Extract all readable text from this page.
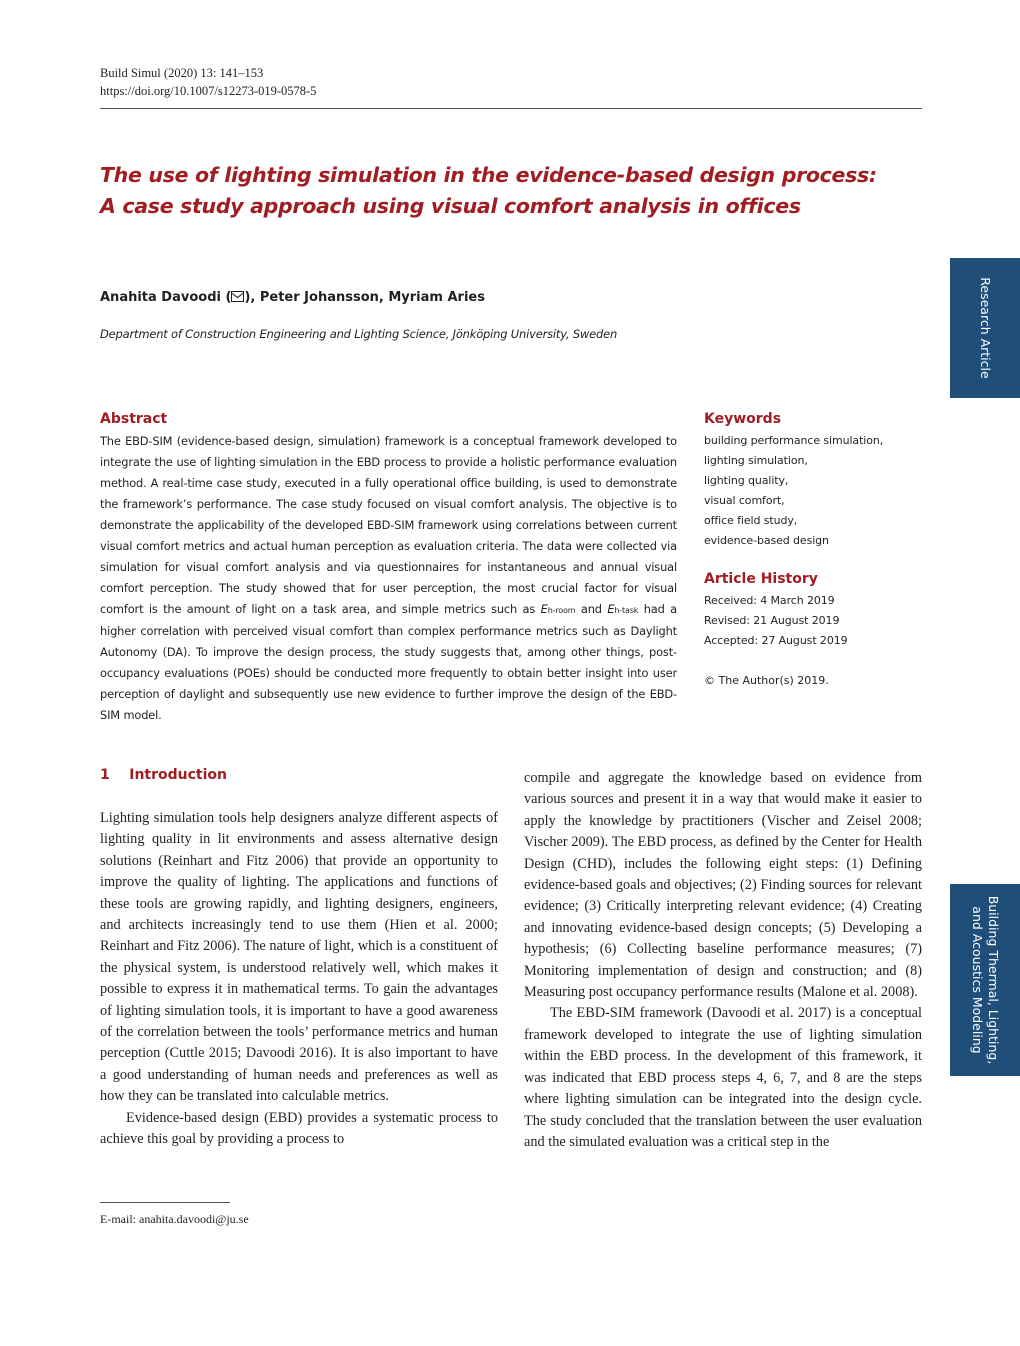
Build Simul (2020) 13: 141–153
https://doi.org/10.1007/s12273-019-0578-5
The use of lighting simulation in the evidence-based design process:
A case study approach using visual comfort analysis in offices
Anahita Davoodi ( ), Peter Johansson, Myriam Aries
Department of Construction Engineering and Lighting Science, Jönköping University, Sweden	Research Article
Building Thermal, Lighting,
and Acoustics Modeling
Abstract
The EBD-SIM (evidence-based design, simulation) framework is a conceptual framework developed to integrate the use of lighting simulation in the EBD process to provide a holistic performance evaluation method. A real-time case study, executed in a fully operational office building, is used to demonstrate the framework’s performance. The case study focused on visual comfort analysis. The objective is to demonstrate the applicability of the developed EBD-SIM framework using correlations between current visual comfort metrics and actual human perception as evaluation criteria. The data were collected via simulation for visual comfort analysis and via questionnaires for instantaneous and annual visual comfort perception. The study showed that for user perception, the most crucial factor for visual comfort is the amount of light on a task area, and simple metrics such as Eh-room and Eh-task had a higher correlation with perceived visual comfort than complex performance metrics such as Daylight Autonomy (DA). To improve the design process, the study suggests that, among other things, post-occupancy evaluations (POEs) should be conducted more frequently to obtain better insight into user perception of daylight and subsequently use new evidence to further improve the design of the EBD-SIM model.
Keywords
building performance simulation,
lighting simulation,
lighting quality,
visual comfort,
office field study,
evidence-based design
Article History
Received: 4 March 2019
Revised: 21 August 2019
Accepted: 27 August 2019
© The Author(s) 2019.
1    Introduction

Lighting simulation tools help designers analyze different aspects of lighting quality in lit environments and assess alternative design solutions (Reinhart and Fitz 2006) that provide an opportunity to improve the quality of lighting. The applications and functions of these tools are growing rapidly, and lighting designers, engineers, and architects increasingly tend to use them (Hien et al. 2000; Reinhart and Fitz 2006). The nature of light, which is a constituent of the physical system, is understood relatively well, which makes it possible to express it in mathematical terms. To gain the advantages of lighting simulation tools, it is important to have a good awareness of the correlation between the tools’ performance metrics and human perception (Cuttle 2015; Davoodi 2016). It is also important to have a good understanding of human needs and preferences as well as how they can be translated into calculable metrics.

Evidence-based design (EBD) provides a systematic process to achieve this goal by providing a process to

compile and aggregate the knowledge based on evidence from various sources and present it in a way that would make it easier to apply the knowledge by practitioners (Vischer and Zeisel 2008; Vischer 2009). The EBD process, as defined by the Center for Health Design (CHD), includes the following eight steps: (1) Defining evidence-based goals and objectives; (2) Finding sources for relevant evidence; (3) Critically interpreting relevant evidence; (4) Creating and innovating evidence-based design concepts; (5) Developing a hypothesis; (6) Collecting baseline performance measures; (7) Monitoring implementation of design and construction; and (8) Measuring post occupancy performance results (Malone et al. 2008).

The EBD-SIM framework (Davoodi et al. 2017) is a conceptual framework developed to integrate the use of lighting simulation within the EBD process. In the development of this framework, it was indicated that EBD process steps 4, 6, 7, and 8 are the steps where lighting simulation can be integrated into the design cycle. The study concluded that the translation between the user evaluation and the simulated evaluation was a critical step in the

E-mail: anahita.davoodi@ju.se
